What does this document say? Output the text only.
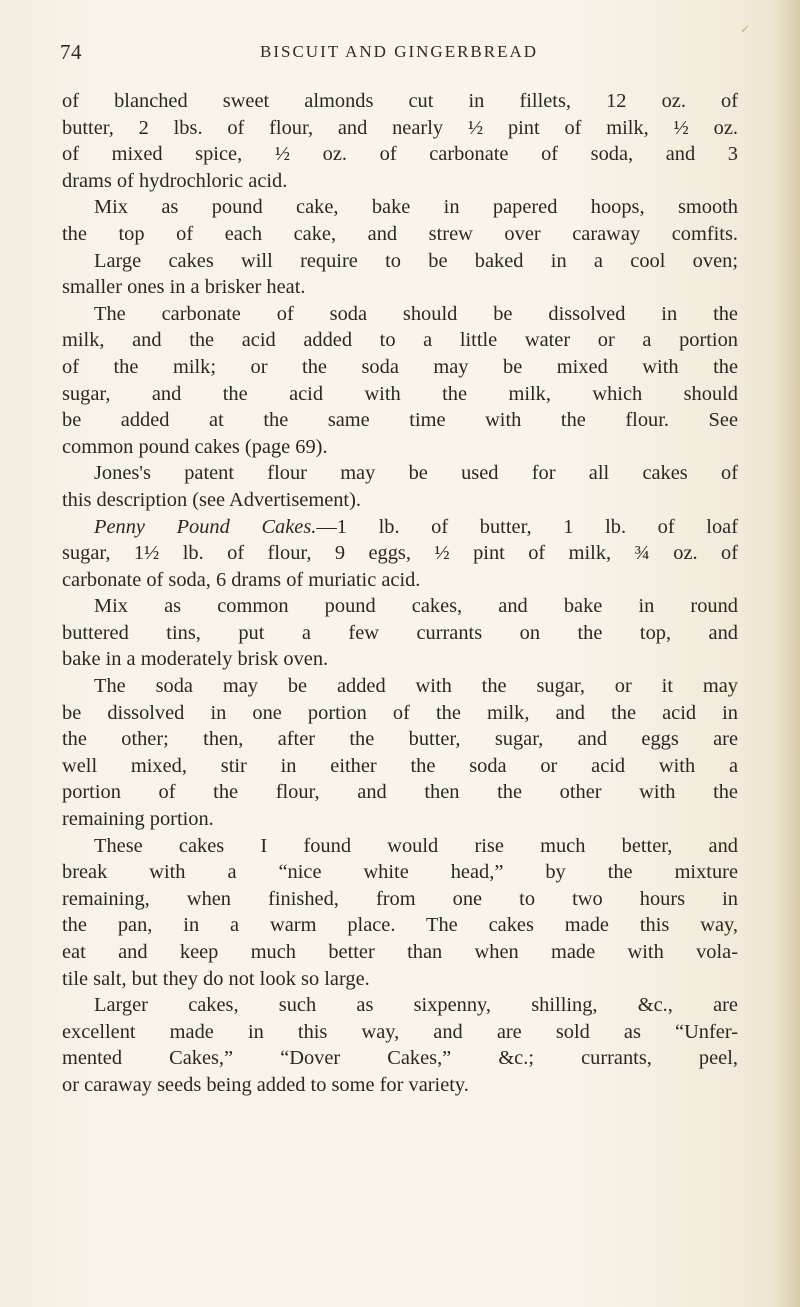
✓
74	BISCUIT AND GINGERBREAD
of blanched sweet almonds cut in fillets, 12 oz. of
butter, 2 lbs. of flour, and nearly ½ pint of milk, ½ oz.
of mixed spice, ½ oz. of carbonate of soda, and 3
drams of hydrochloric acid.
Mix as pound cake, bake in papered hoops, smooth
the top of each cake, and strew over caraway comfits.
Large cakes will require to be baked in a cool oven;
smaller ones in a brisker heat.
The carbonate of soda should be dissolved in the
milk, and the acid added to a little water or a portion
of the milk; or the soda may be mixed with the
sugar, and the acid with the milk, which should
be added at the same time with the flour. See
common pound cakes (page 69).
Jones's patent flour may be used for all cakes of
this description (see Advertisement).
Penny Pound Cakes.—1 lb. of butter, 1 lb. of loaf
sugar, 1½ lb. of flour, 9 eggs, ½ pint of milk, ¾ oz. of
carbonate of soda, 6 drams of muriatic acid.
Mix as common pound cakes, and bake in round
buttered tins, put a few currants on the top, and
bake in a moderately brisk oven.
The soda may be added with the sugar, or it may
be dissolved in one portion of the milk, and the acid in
the other; then, after the butter, sugar, and eggs are
well mixed, stir in either the soda or acid with a
portion of the flour, and then the other with the
remaining portion.
These cakes I found would rise much better, and
break with a “nice white head,” by the mixture
remaining, when finished, from one to two hours in
the pan, in a warm place. The cakes made this way,
eat and keep much better than when made with vola-
tile salt, but they do not look so large.
Larger cakes, such as sixpenny, shilling, &c., are
excellent made in this way, and are sold as “Unfer-
mented Cakes,” “Dover Cakes,” &c.; currants, peel,
or caraway seeds being added to some for variety.
